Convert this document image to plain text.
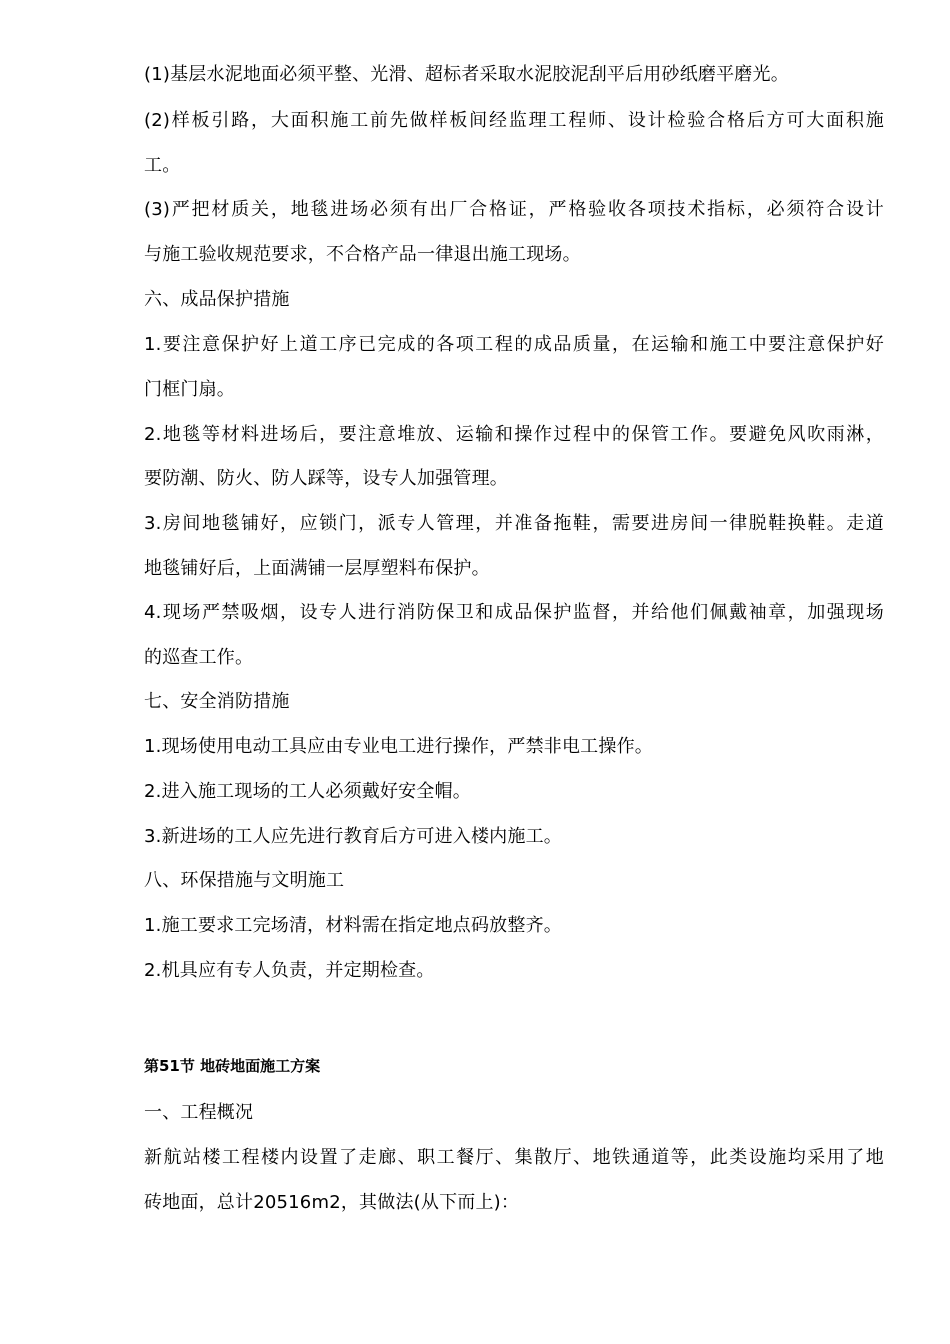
(1)基层水泥地面必须平整、光滑、超标者采取水泥胶泥刮平后用砂纸磨平磨光。
(2)样板引路，大面积施工前先做样板间经监理工程师、设计检验合格后方可大面积施
工。
(3)严把材质关，地毯进场必须有出厂合格证，严格验收各项技术指标，必须符合设计
与施工验收规范要求，不合格产品一律退出施工现场。
六、成品保护措施
1.要注意保护好上道工序已完成的各项工程的成品质量，在运输和施工中要注意保护好
门框门扇。
2.地毯等材料进场后，要注意堆放、运输和操作过程中的保管工作。要避免风吹雨淋，
要防潮、防火、防人踩等，设专人加强管理。
3.房间地毯铺好，应锁门，派专人管理，并准备拖鞋，需要进房间一律脱鞋换鞋。走道
地毯铺好后，上面满铺一层厚塑料布保护。
4.现场严禁吸烟，设专人进行消防保卫和成品保护监督，并给他们佩戴袖章，加强现场
的巡查工作。
七、安全消防措施
1.现场使用电动工具应由专业电工进行操作，严禁非电工操作。
2.进入施工现场的工人必须戴好安全帽。
3.新进场的工人应先进行教育后方可进入楼内施工。
八、环保措施与文明施工
1.施工要求工完场清，材料需在指定地点码放整齐。
2.机具应有专人负责，并定期检查。
第51节 地砖地面施工方案
一、工程概况
新航站楼工程楼内设置了走廊、职工餐厅、集散厅、地铁通道等，此类设施均采用了地
砖地面，总计20516m2，其做法(从下而上)：
